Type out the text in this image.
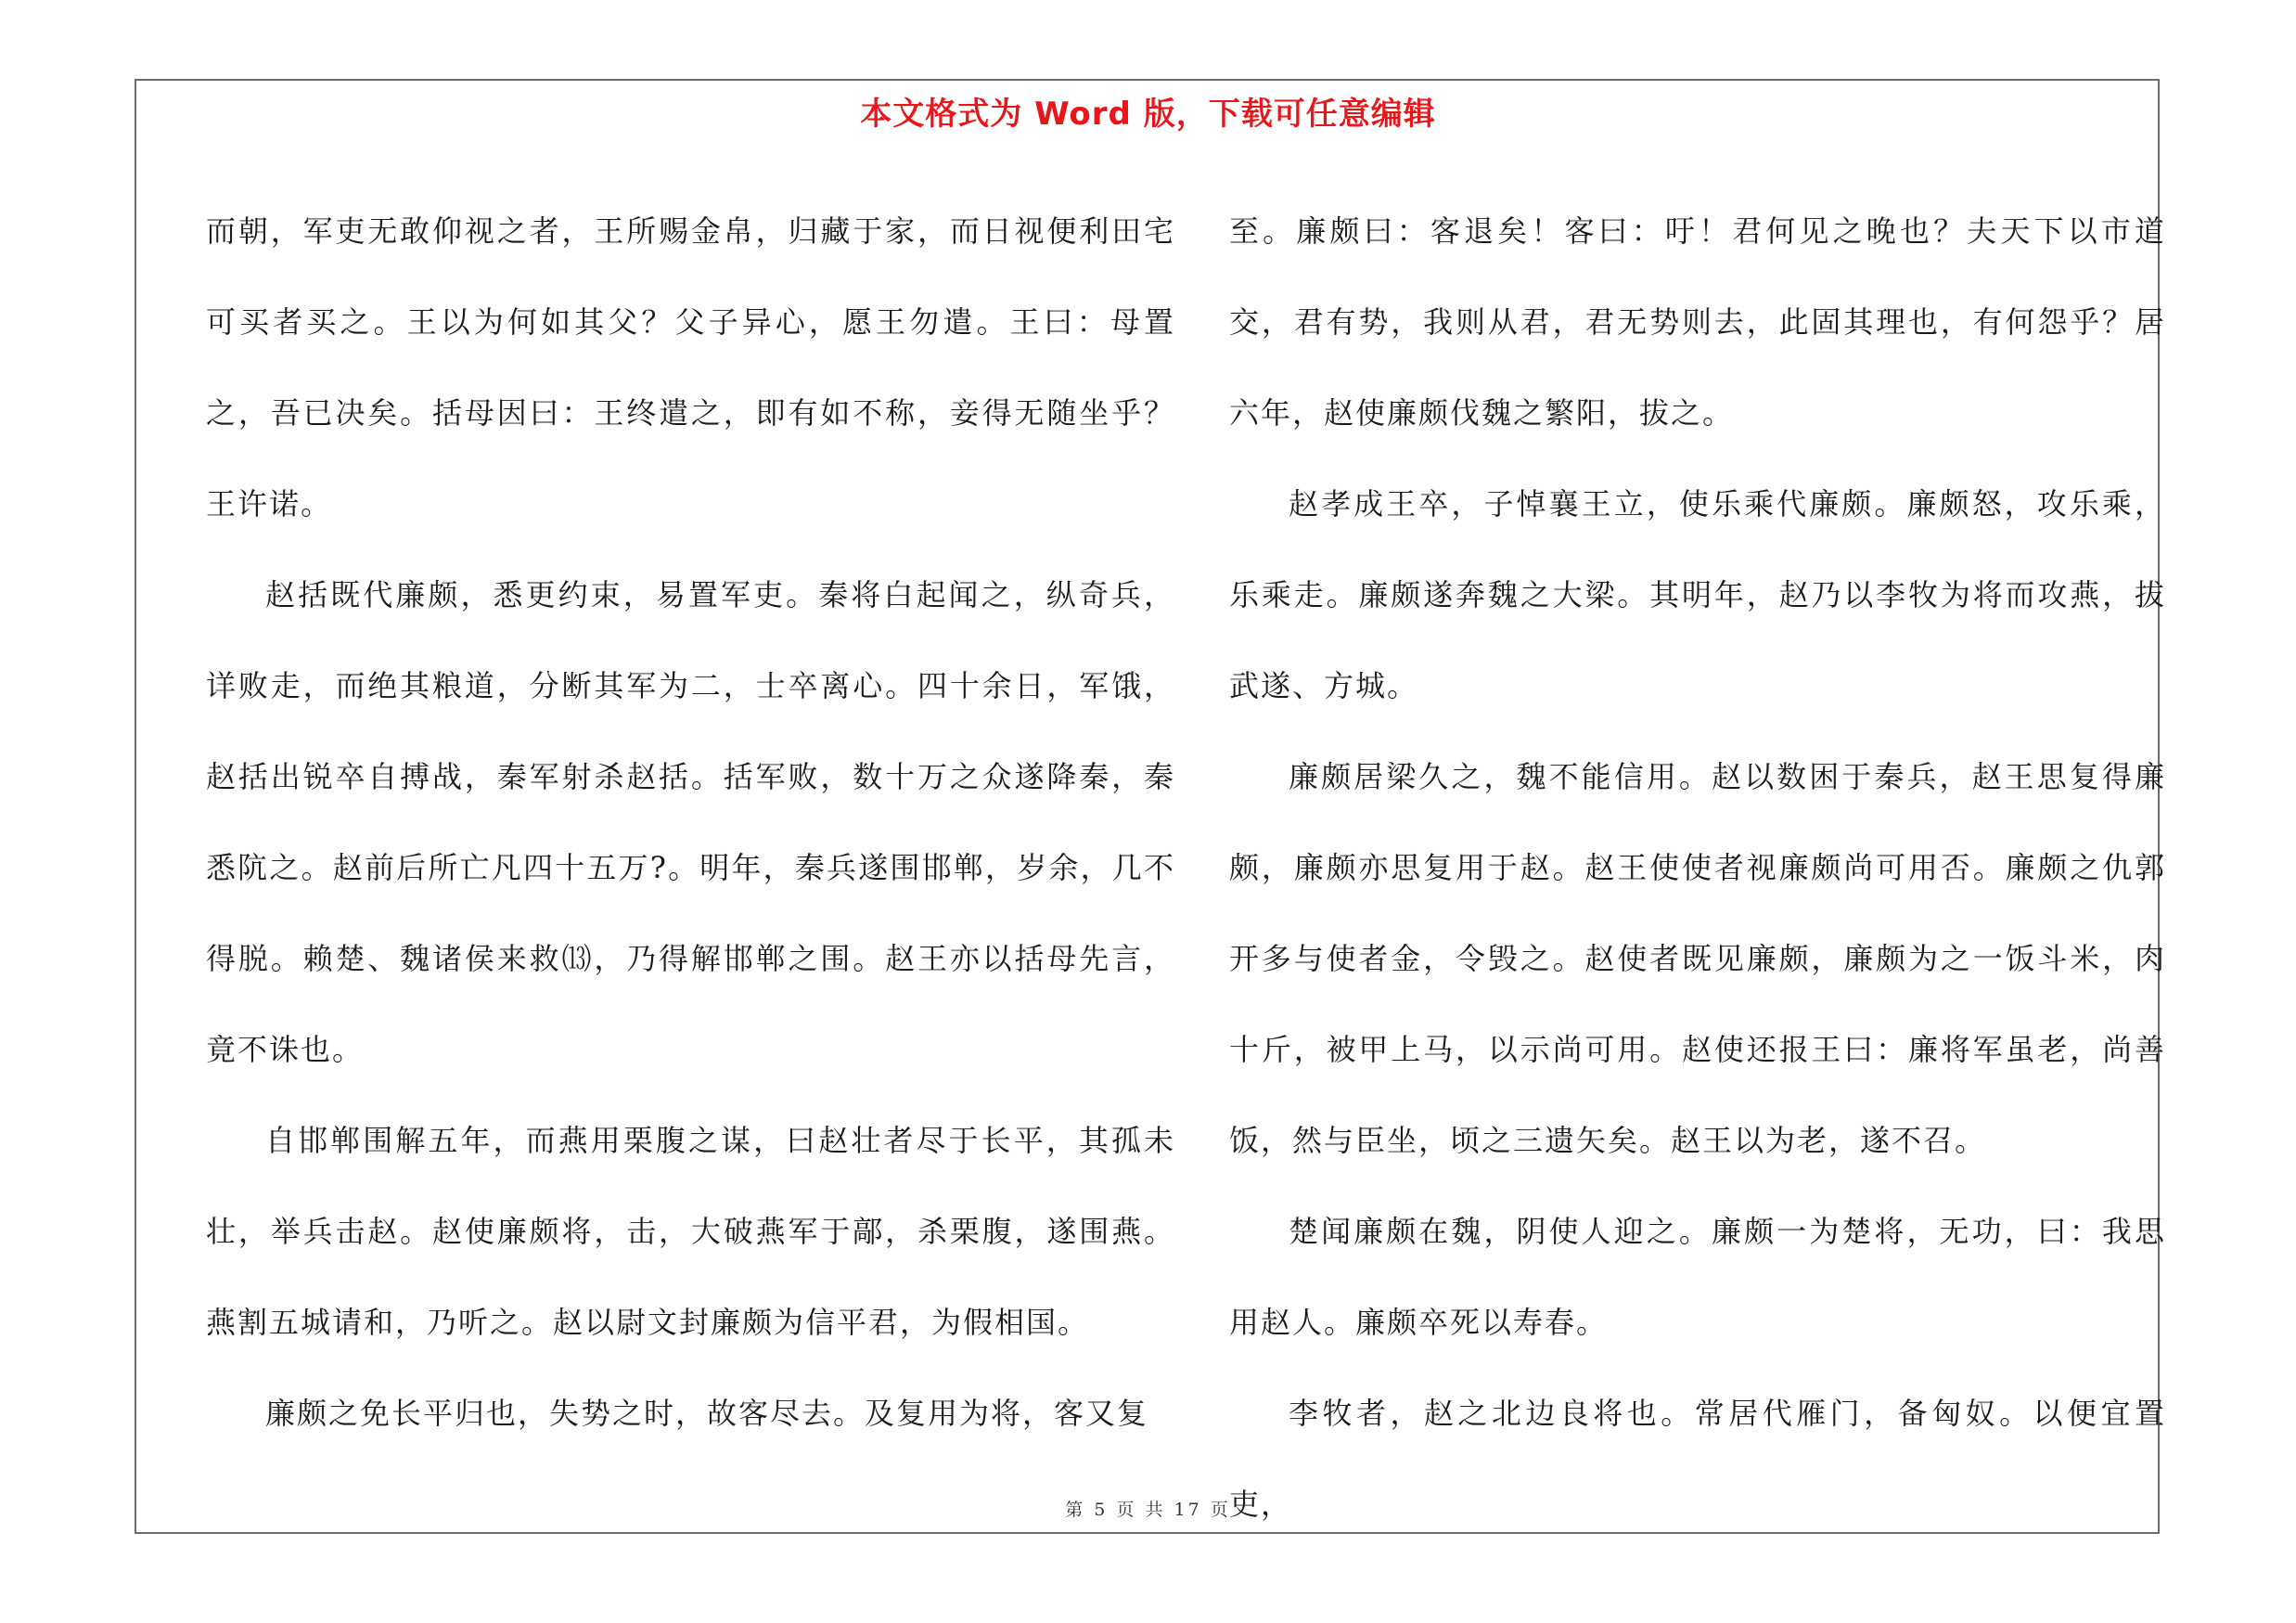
本文格式为 Word 版，下载可任意编辑

而朝，军吏无敢仰视之者，王所赐金帛，归藏于家，而日视便利田宅可买者买之。王以为何如其父？父子异心，愿王勿遣。王曰：母置之，吾已决矣。括母因曰：王终遣之，即有如不称，妾得无随坐乎？王许诺。

赵括既代廉颇，悉更约束，易置军吏。秦将白起闻之，纵奇兵，详败走，而绝其粮道，分断其军为二，士卒离心。四十余日，军饿，赵括出锐卒自搏战，秦军射杀赵括。括军败，数十万之众遂降秦，秦悉阬之。赵前后所亡凡四十五万?。明年，秦兵遂围邯郸，岁余，几不得脱。赖楚、魏诸侯来救⒀，乃得解邯郸之围。赵王亦以括母先言，竟不诛也。

自邯郸围解五年，而燕用栗腹之谋，曰赵壮者尽于长平，其孤未壮，举兵击赵。赵使廉颇将，击，大破燕军于鄗，杀栗腹，遂围燕。燕割五城请和，乃听之。赵以尉文封廉颇为信平君，为假相国。

廉颇之免长平归也，失势之时，故客尽去。及复用为将，客又复

至。廉颇曰：客退矣！客曰：吁！君何见之晚也？夫天下以市道交，君有势，我则从君，君无势则去，此固其理也，有何怨乎？居六年，赵使廉颇伐魏之繁阳，拔之。

赵孝成王卒，子悼襄王立，使乐乘代廉颇。廉颇怒，攻乐乘，乐乘走。廉颇遂奔魏之大梁。其明年，赵乃以李牧为将而攻燕，拔武遂、方城。

廉颇居梁久之，魏不能信用。赵以数困于秦兵，赵王思复得廉颇，廉颇亦思复用于赵。赵王使使者视廉颇尚可用否。廉颇之仇郭开多与使者金，令毁之。赵使者既见廉颇，廉颇为之一饭斗米，肉十斤，被甲上马，以示尚可用。赵使还报王曰：廉将军虽老，尚善饭，然与臣坐，顷之三遗矢矣。赵王以为老，遂不召。

楚闻廉颇在魏，阴使人迎之。廉颇一为楚将，无功，曰：我思用赵人。廉颇卒死以寿春。

李牧者，赵之北边良将也。常居代雁门，备匈奴。以便宜置吏，

第 5 页 共 17 页
